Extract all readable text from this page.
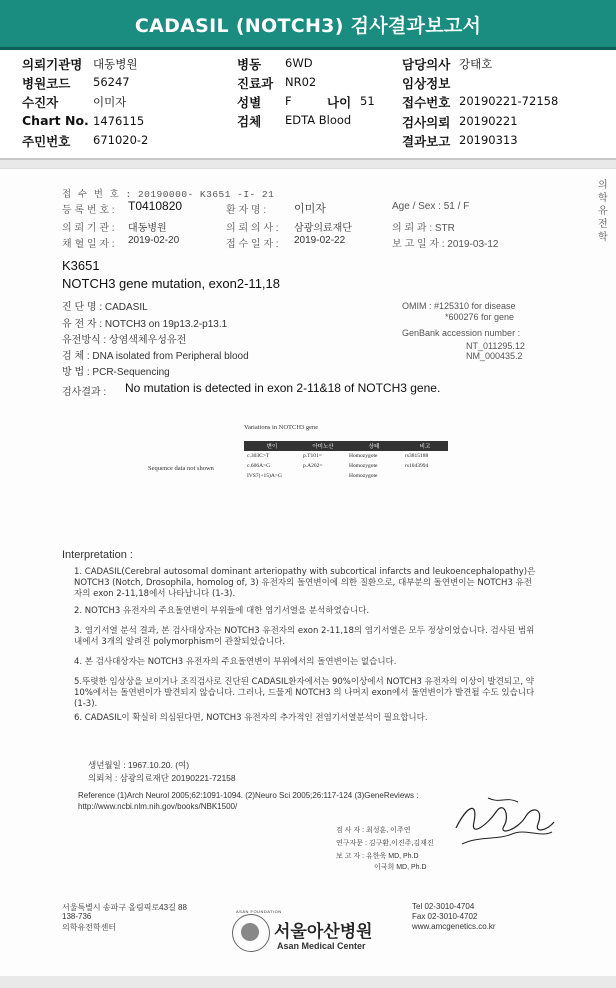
CADASIL (NOTCH3) 검사결과보고서
의뢰기관명 대동병원	병동 6WD	담당의사 강태호
병원코드 56247	진료과 NR02	임상정보
수진자	이미자	성별 F	나이 51 접수번호 20190221-72158
Chart No. 1476115	검체 EDTA Blood	검사의뢰 20190221
주민번호 671020-2	결과보고 20190313
의학유전학
접 수 번 호 : 20190000- K3651 -I- 21
등 록 번 호 : T0410820	환 자 명 :	이미자	Age / Sex : 51 / F
의 뢰 기 관 : 대동병원	의 뢰 의 사 : 삼광의료재단	의 뢰 과 : STR
채 혈 일 자 : 2019-02-20	접 수 일 자 : 2019-02-22	보 고 일 자 : 2019-03-12
K3651
NOTCH3 gene mutation, exon2-11,18
진 단 명 : CADASIL
유 전 자 : NOTCH3 on 19p13.2-p13.1
유전방식 : 상염색체우성유전
검 체 : DNA isolated from Peripheral blood
방 법 : PCR-Sequencing
OMIM : #125310 for disease
*600276 for gene
GenBank accession number :
NT_011295.12
NM_000435.2
검사결과 : No mutation is detected in exon 2-11&18 of NOTCH3 gene.
Variations in NOTCH3 gene
Sequence data not shown
변이	아미노산	상태	비고
c.303C>T	p.T101=	Homozygote	rs3815188
c.606A>G	p.A202=	Homozygote	rs1043994
IVS7(+15)A>G		Homozygote	
Interpretation :

1. CADASIL(Cerebral autosomal dominant arteriopathy with subcortical infarcts and leukoencephalopathy)은 NOTCH3 (Notch, Drosophila, homolog of, 3) 유전자의 돌연변이에 의한 질환으로, 대부분의 돌연변이는 NOTCH3 유전자의 exon 2-11,18에서 나타납니다 (1-3).

2. NOTCH3 유전자의 주요돌연변이 부위들에 대한 염기서열을 분석하였습니다.

3. 염기서열 분석 결과, 본 검사대상자는 NOTCH3 유전자의 exon 2-11,18의 염기서열은 모두 정상이었습니다. 검사된 범위내에서 3개의 알려진 polymorphism이 관찰되었습니다.

4. 본 검사대상자는 NOTCH3 유전자의 주요돌연변이 부위에서의 돌연변이는 없습니다.

5.뚜렷한 임상상을 보이거나 조직검사로 진단된 CADASIL환자에서는 90%이상에서 NOTCH3 유전자의 이상이 발견되고, 약 10%에서는 돌연변이가 발견되지 않습니다. 그러나, 드물게 NOTCH3 의 나머지 exon에서 돌연변이가 발견될 수도 있습니다 (1-3).

6. CADASIL이 확실히 의심된다면, NOTCH3 유전자의 추가적인 전염기서열분석이 필요합니다.

생년월일 : 1967.10.20. (여)
의뢰처 : 삼광의료재단 20190221-72158
Reference (1)Arch Neurol 2005;62:1091-1094. (2)Neuro Sci 2005;26:117-124 (3)GeneReviews :
http://www.ncbi.nlm.nih.gov/books/NBK1500/
검 사 자 : 최성훈, 이주연
연구자문 : 김구환,이진주,김재진
보 고 자 : 유한욱 MD, Ph.D
이국희 MD, Ph.D
서울특별시 송파구 올림픽로43길 88
138-736
의학유전학센터
ASAN FOUNDATION
서울아산병원
Asan Medical Center
Tel 02-3010-4704
Fax 02-3010-4702
www.amcgenetics.co.kr
